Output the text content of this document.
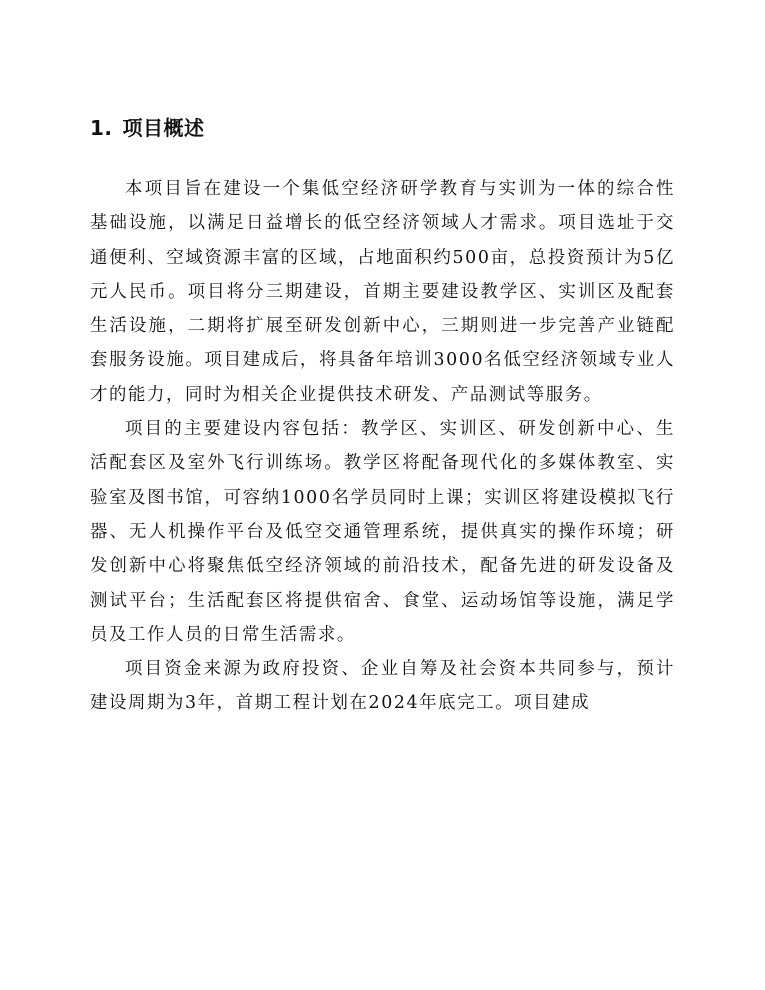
1. 项目概述

本项目旨在建设一个集低空经济研学教育与实训为一体的综合性基础设施，以满足日益增长的低空经济领域人才需求。项目选址于交通便利、空域资源丰富的区域，占地面积约500亩，总投资预计为5亿元人民币。项目将分三期建设，首期主要建设教学区、实训区及配套生活设施，二期将扩展至研发创新中心，三期则进一步完善产业链配套服务设施。项目建成后，将具备年培训3000名低空经济领域专业人才的能力，同时为相关企业提供技术研发、产品测试等服务。

项目的主要建设内容包括：教学区、实训区、研发创新中心、生活配套区及室外飞行训练场。教学区将配备现代化的多媒体教室、实验室及图书馆，可容纳1000名学员同时上课；实训区将建设模拟飞行器、无人机操作平台及低空交通管理系统，提供真实的操作环境；研发创新中心将聚焦低空经济领域的前沿技术，配备先进的研发设备及测试平台；生活配套区将提供宿舍、食堂、运动场馆等设施，满足学员及工作人员的日常生活需求。

项目资金来源为政府投资、企业自筹及社会资本共同参与，预计建设周期为3年，首期工程计划在2024年底完工。项目建成
